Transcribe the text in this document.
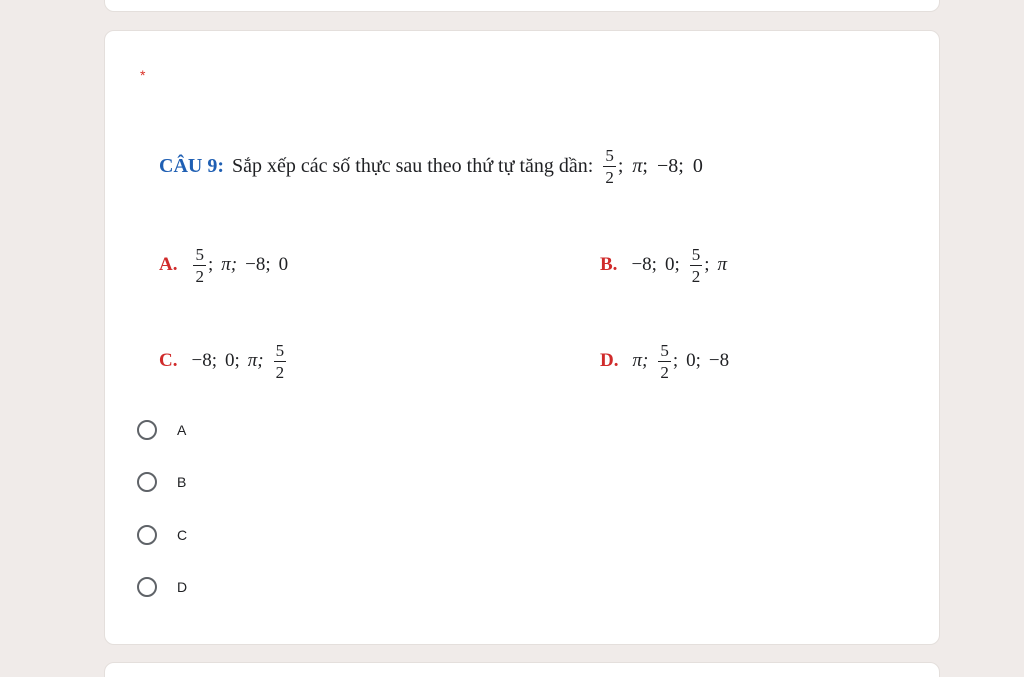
*
CÂU 9: Sắp xếp các số thực sau theo thứ tự tăng dần: $\frac{5}{2}$ ; π; −8; 0
A. $\frac{5}{2}$ ; π; −8; 0	B. −8; 0; $\frac{5}{2}$ ; π
C. −8; 0; π; $\frac{5}{2}$	D. π; $\frac{5}{2}$ ; 0; −8
A
B
C
D
